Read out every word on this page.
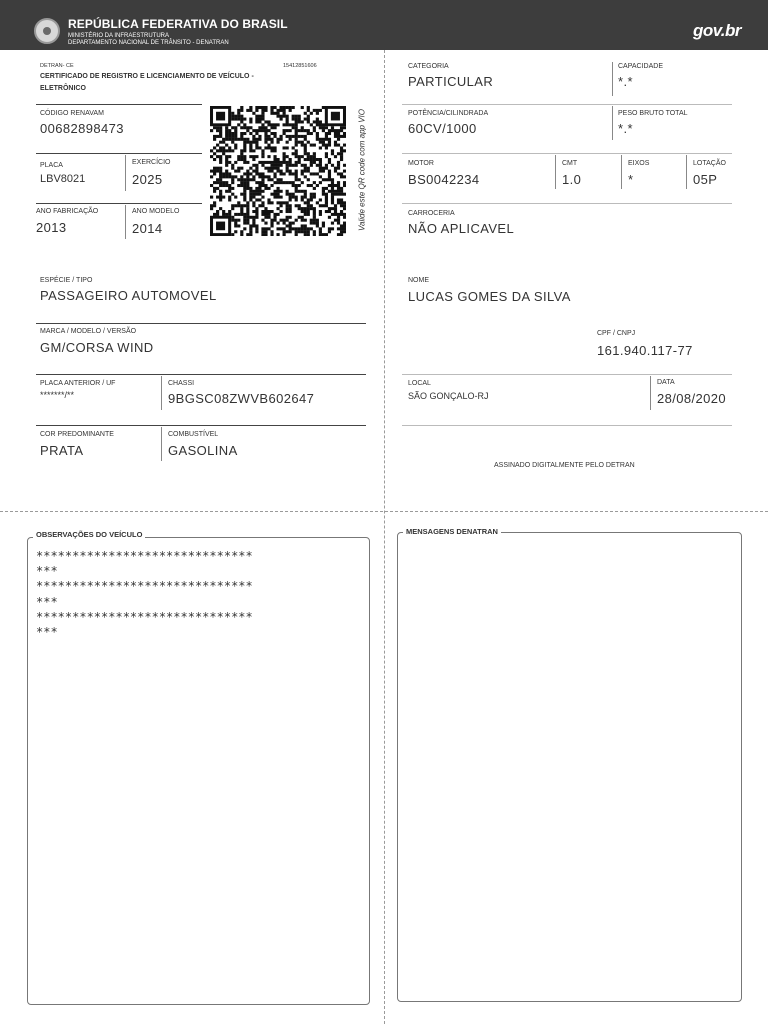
REPÚBLICA FEDERATIVA DO BRASIL
MINISTÉRIO DA INFRAESTRUTURA
DEPARTAMENTO NACIONAL DE TRÂNSITO - DENATRAN
gov.br
DETRAN- CE	15412851606
CERTIFICADO DE REGISTRO E LICENCIAMENTO DE VEÍCULO -
ELETRÔNICO
CÓDIGO RENAVAM
00682898473
PLACA
LBV8021
EXERCÍCIO
2025
ANO FABRICAÇÃO
2013
ANO MODELO
2014	Valide este QR code com app VIO
ESPÉCIE / TIPO
PASSAGEIRO AUTOMOVEL
MARCA / MODELO / VERSÃO
GM/CORSA WIND
PLACA ANTERIOR / UF
*******/**
CHASSI
9BGSC08ZWVB602647
COR PREDOMINANTE
PRATA
COMBUSTÍVEL
GASOLINA
CATEGORIA
PARTICULAR
CAPACIDADE
*.*
POTÊNCIA/CILINDRADA
60CV/1000
PESO BRUTO TOTAL
*.*
MOTOR
BS0042234
CMT
1.0
EIXOS
*
LOTAÇÃO
05P
CARROCERIA
NÃO APLICAVEL
NOME
LUCAS GOMES DA SILVA
CPF / CNPJ
161.940.117-77
LOCAL
SÃO GONÇALO-RJ
DATA
28/08/2020
ASSINADO DIGITALMENTE PELO DETRAN
OBSERVAÇÕES DO VEÍCULO
******************************
***
******************************
***
******************************
***
MENSAGENS DENATRAN
